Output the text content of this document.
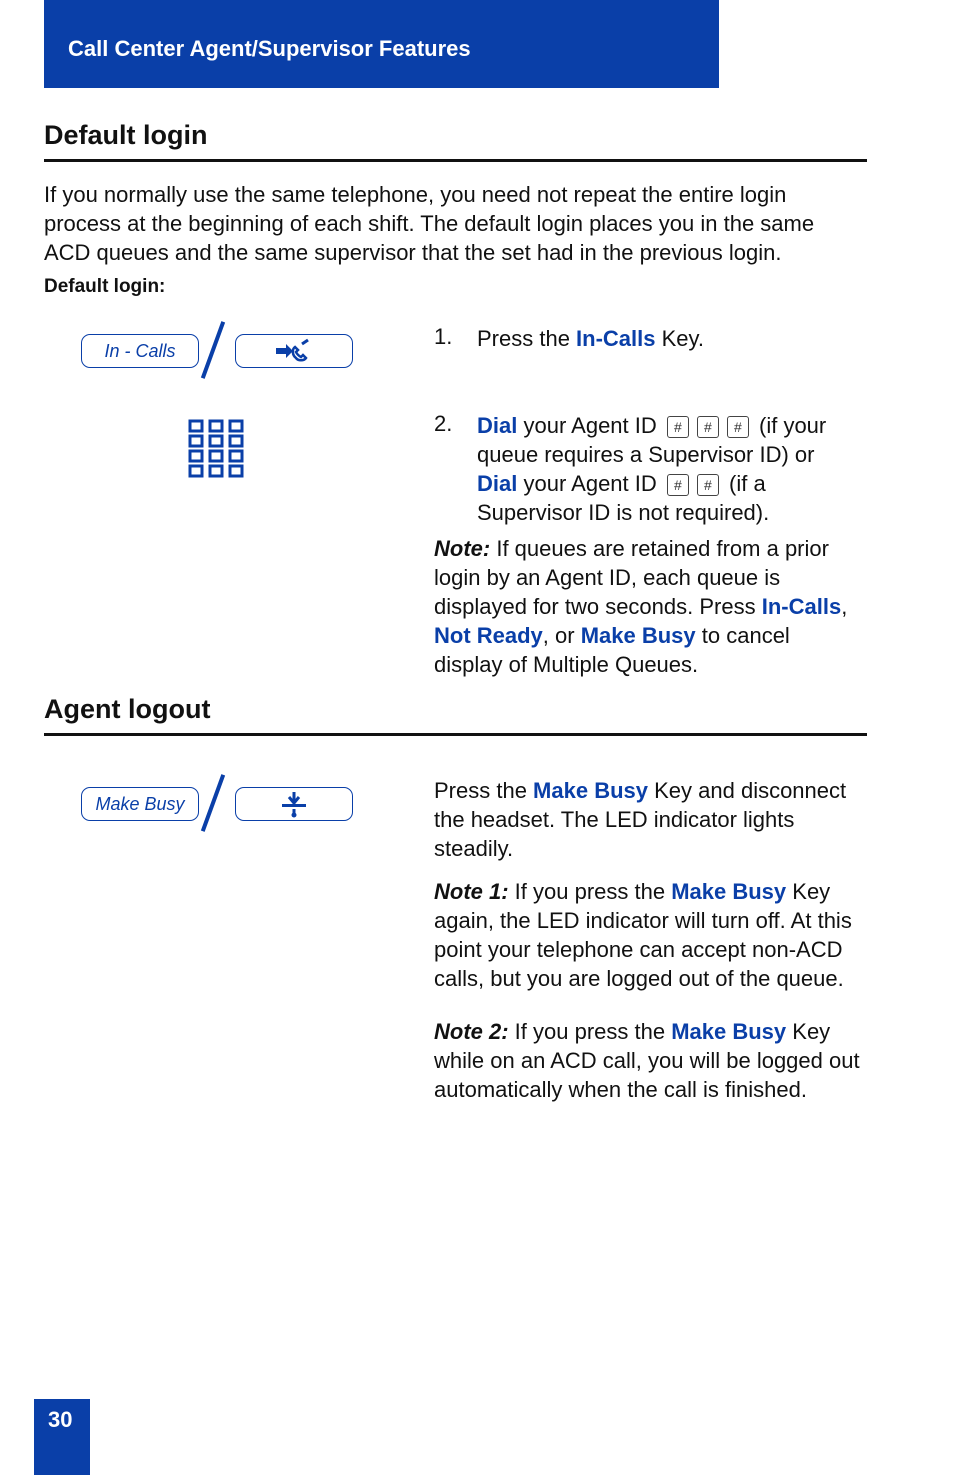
Call Center Agent/Supervisor Features
Default login
If you normally use the same telephone, you need not repeat the entire login process at the beginning of each shift. The default login places you in the same ACD queues and the same supervisor that the set had in the previous login.
Default login:
In - Calls
1. Press the In-Calls Key.
2. Dial your Agent ID # # # (if your queue requires a Supervisor ID) or
Dial your Agent ID # # (if a Supervisor ID is not required).
Note: If queues are retained from a prior login by an Agent ID, each queue is displayed for two seconds. Press In-Calls, Not Ready, or Make Busy to cancel display of Multiple Queues.
Agent logout
Make Busy
Press the Make Busy Key and disconnect the headset. The LED indicator lights steadily.
Note 1: If you press the Make Busy Key again, the LED indicator will turn off. At this point your telephone can accept non-ACD calls, but you are logged out of the queue.
Note 2: If you press the Make Busy Key while on an ACD call, you will be logged out automatically when the call is finished.
30
